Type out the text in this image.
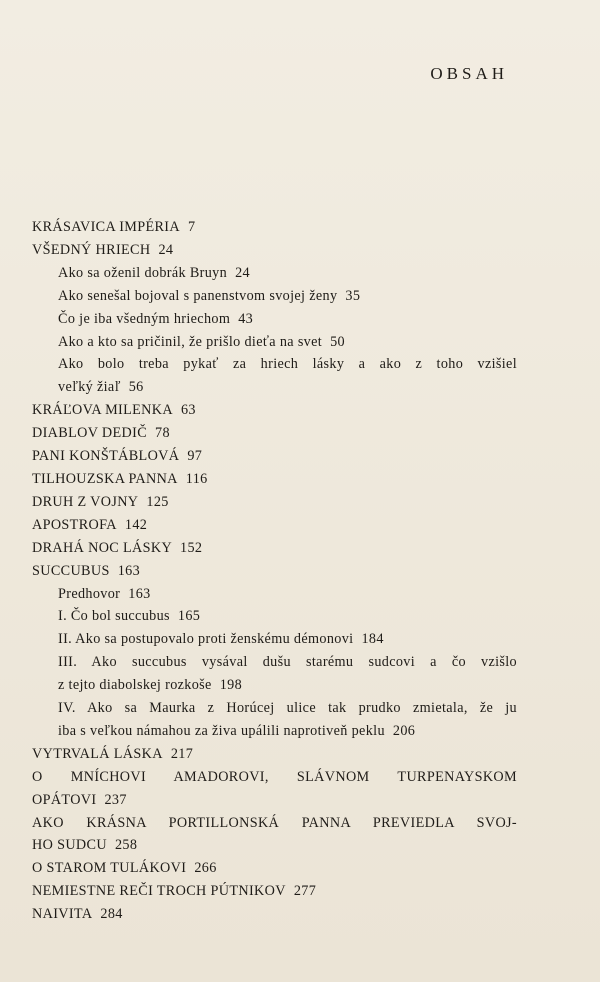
OBSAH
KRÁSAVICA IMPÉRIA 7
VŠEDNÝ HRIECH 24
Ako sa oženil dobrák Bruyn 24
Ako senešal bojoval s panenstvom svojej ženy 35
Čo je iba všedným hriechom 43
Ako a kto sa pričinil, že prišlo dieťa na svet 50
Ako bolo treba pykať za hriech lásky a ako z toho vzišiel
veľký žiaľ 56
KRÁĽOVA MILENKA 63
DIABLOV DEDIČ 78
PANI KONŠTÁBLOVÁ 97
TILHOUZSKA PANNA 116
DRUH Z VOJNY 125
APOSTROFA 142
DRAHÁ NOC LÁSKY 152
SUCCUBUS 163
Predhovor 163
I. Čo bol succubus 165
II. Ako sa postupovalo proti ženskému démonovi 184
III. Ako succubus vysával dušu starému sudcovi a čo vzišlo
z tejto diabolskej rozkoše 198
IV. Ako sa Maurka z Horúcej ulice tak prudko zmietala, že ju
iba s veľkou námahou za živa upálili naprotiveň peklu 206
VYTRVALÁ LÁSKA 217
O MNÍCHOVI AMADOROVI, SLÁVNOM TURPENAYSKOM
OPÁTOVI 237
AKO KRÁSNA PORTILLONSKÁ PANNA PREVIEDLA SVOJ-
HO SUDCU 258
O STAROM TULÁKOVI 266
NEMIESTNE REČI TROCH PÚTNIKOV 277
NAIVITA 284
